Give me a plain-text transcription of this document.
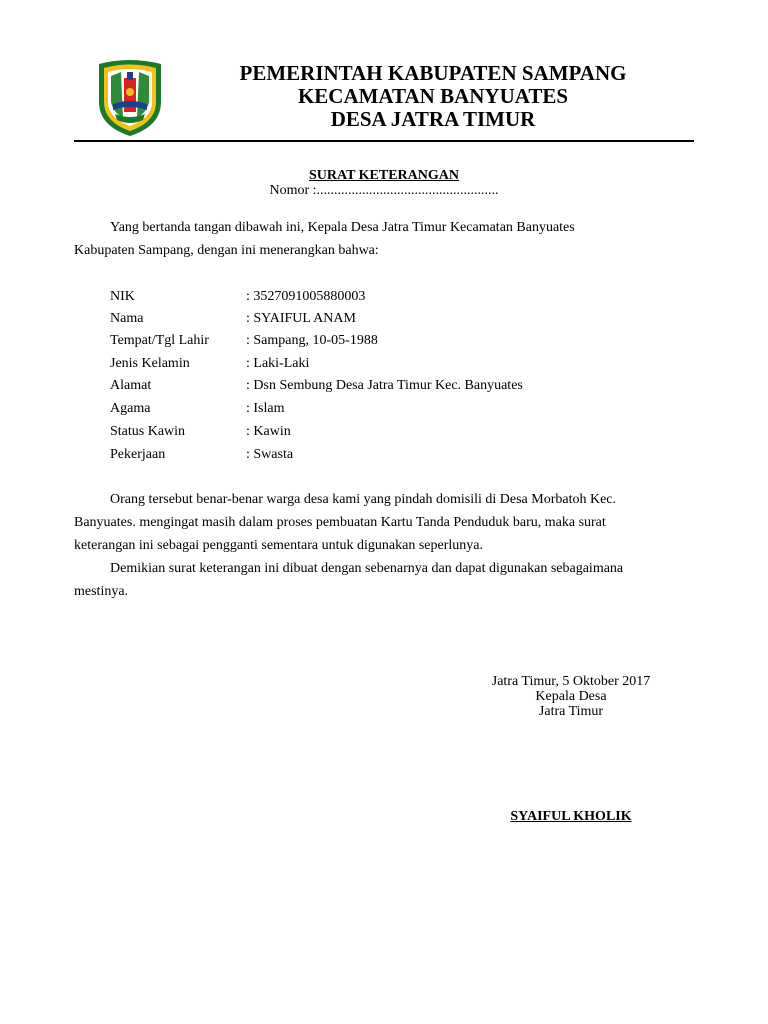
PEMERINTAH KABUPATEN SAMPANG
KECAMATAN BANYUATES
DESA JATRA TIMUR
SURAT KETERANGAN
Nomor :....................................................
Yang bertanda tangan dibawah ini, Kepala Desa Jatra Timur Kecamatan Banyuates
Kabupaten Sampang, dengan ini menerangkan bahwa:
NIK	: 3527091005880003
Nama	: SYAIFUL ANAM
Tempat/Tgl Lahir	: Sampang, 10-05-1988
Jenis Kelamin	: Laki-Laki
Alamat	: Dsn Sembung Desa Jatra Timur Kec. Banyuates
Agama	: Islam
Status Kawin	: Kawin
Pekerjaan	: Swasta
Orang tersebut benar-benar warga desa kami yang pindah domisili di Desa Morbatoh Kec.
Banyuates. mengingat masih dalam proses pembuatan Kartu Tanda Penduduk baru, maka surat
keterangan ini sebagai pengganti sementara untuk digunakan seperlunya.
Demikian surat keterangan ini dibuat dengan sebenarnya dan dapat digunakan sebagaimana
mestinya.
Jatra Timur, 5 Oktober 2017
Kepala Desa
Jatra Timur
SYAIFUL KHOLIK
